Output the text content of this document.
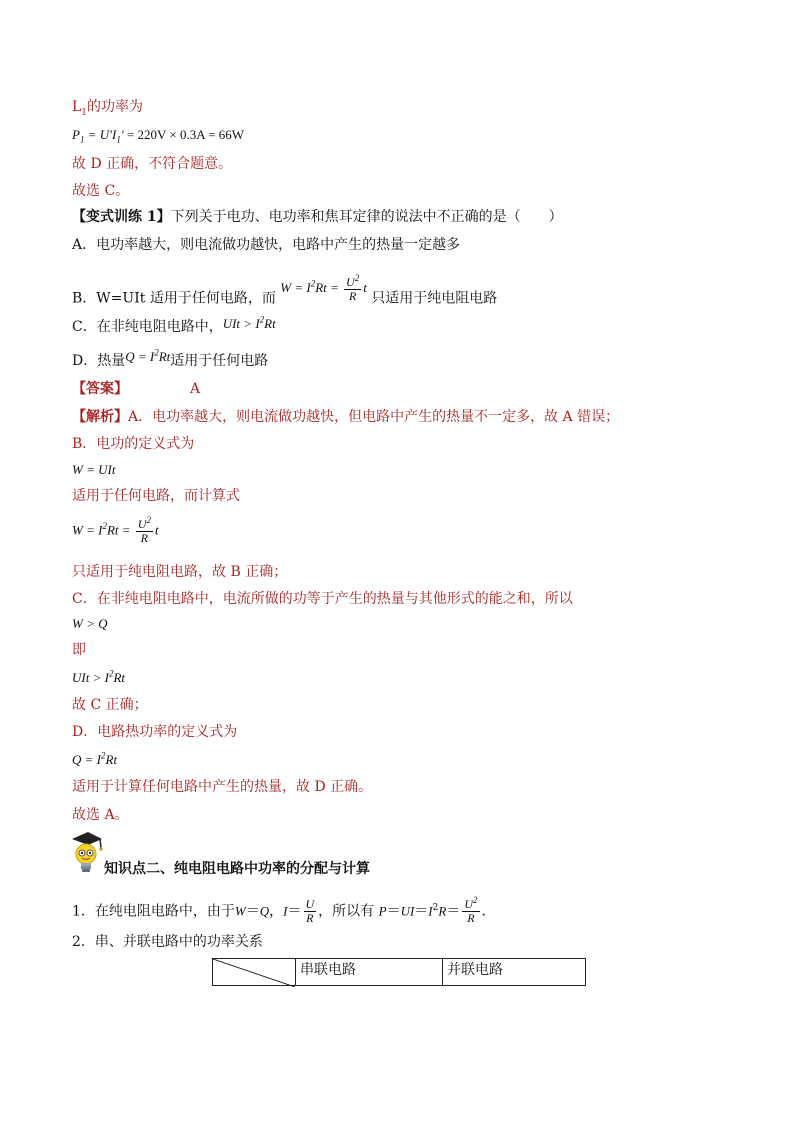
$L_1$的功率为
$P_1 = U'I_1' = 220V \times 0.3A = 66W$
故 D 正确，不符合题意。
故选 C。
【变式训练 1】下列关于电功、电功率和焦耳定律的说法中不正确的是（　　）
A．电功率越大，则电流做功越快，电路中产生的热量一定越多
B．W=UIt 适用于任何电路，而 $W = I^2Rt = \frac{U^2}{R}$ t 只适用于纯电阻电路
C．在非纯电阻电路中，UIt > $I^2Rt$
D．热量$Q = I^2Rt$适用于任何电路
【答案】	A
【解析】A．电功率越大，则电流做功越快，但电路中产生的热量不一定多，故 A 错误；
B．电功的定义式为
W = UIt
适用于任何电路，而计算式
$W = I^2Rt = \frac{U^2}{R}$ t
只适用于纯电阻电路，故 B 正确；
C．在非纯电阻电路中，电流所做的功等于产生的热量与其他形式的能之和，所以
W > Q
即
UIt > $I^2Rt$
故 C 正确；
D．电路热功率的定义式为
$Q = I^2Rt$
适用于计算任何电路中产生的热量，故 D 正确。
故选 A。
知识点二、纯电阻电路中功率的分配与计算
1．在纯电阻电路中，由于W＝Q，$I= \frac{U}{R}$ ，所以有 $P=UI=I^2R= \frac{U^2}{R}$ .
2．串、并联电路中的功率关系
	串联电路	并联电路
